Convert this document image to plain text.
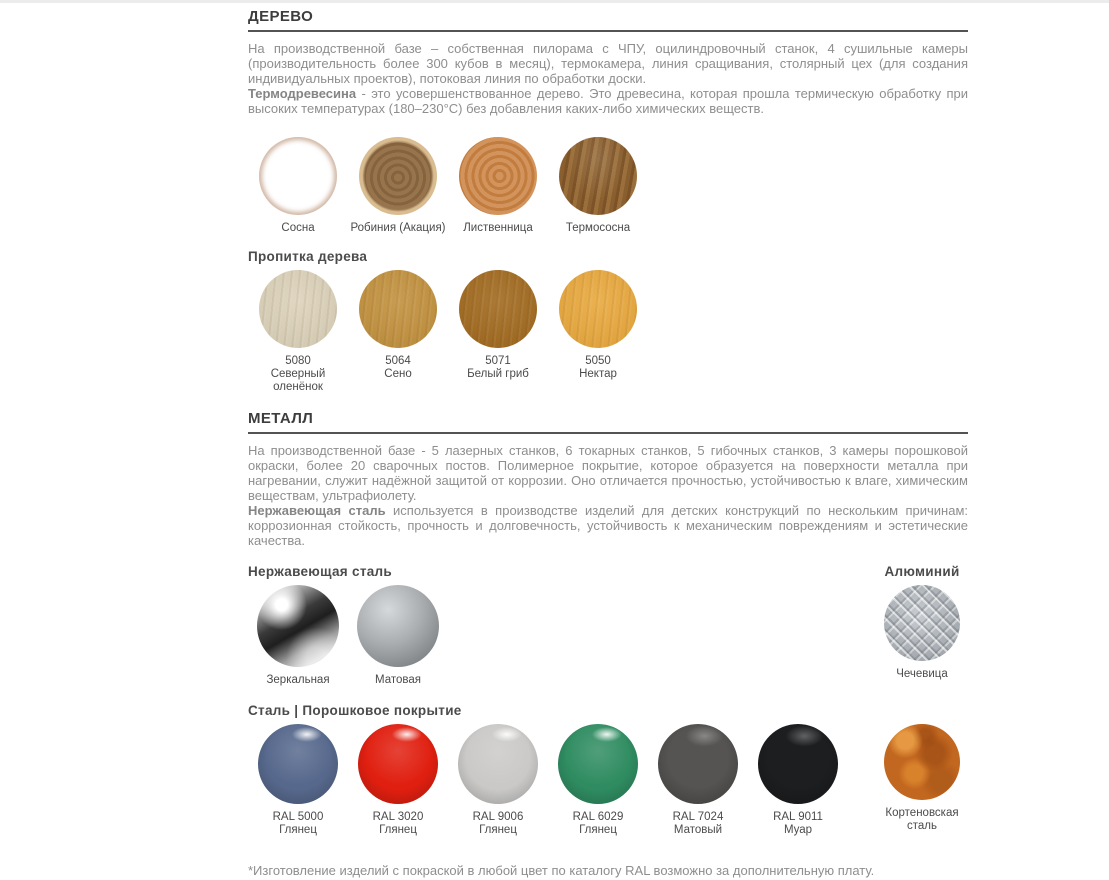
ДЕРЕВО

На производственной базе – собственная пилорама с ЧПУ, оцилиндровочный станок, 4 сушильные камеры (производительность более 300 кубов в месяц), термокамера, линия сращивания, столярный цех (для создания индивидуальных проектов), потоковая линия по обработки доски.

Термодревесина - это усовершенствованное дерево. Это древесина, которая прошла термическую обработку при высоких температурах (180–230°С) без добавления каких-либо химических веществ.

Сосна	Робиния (Акация) Лиственница	Термососна
Пропитка дерева
5080
Северный оленёнок
5064
Сено
5071
Белый гриб
5050
Нектар
МЕТАЛЛ

На производственной базе - 5 лазерных станков, 6 токарных станков, 5 гибочных станков, 3 камеры порошковой окраски, более 20 сварочных постов. Полимерное покрытие, которое образуется на поверхности металла при нагревании, служит надёжной защитой от коррозии. Оно отличается прочностью, устойчивостью к влаге, химическим веществам, ультрафиолету.

Нержавеющая сталь используется в производстве изделий для детских конструкций по нескольким причинам: коррозионная стойкость, прочность и долговечность, устойчивость к механическим повреждениям и эстетические качества.

Нержавеющая сталь
Зеркальная	Матовая
Алюминий
Чечевица
Сталь | Порошковое покрытие
RAL 5000
Глянец
RAL 3020
Глянец
RAL 9006
Глянец
RAL 6029
Глянец
RAL 7024
Матовый
RAL 9011
Муар
Кортеновская сталь
*Изготовление изделий с покраской в любой цвет по каталогу RAL возможно за дополнительную плату.
